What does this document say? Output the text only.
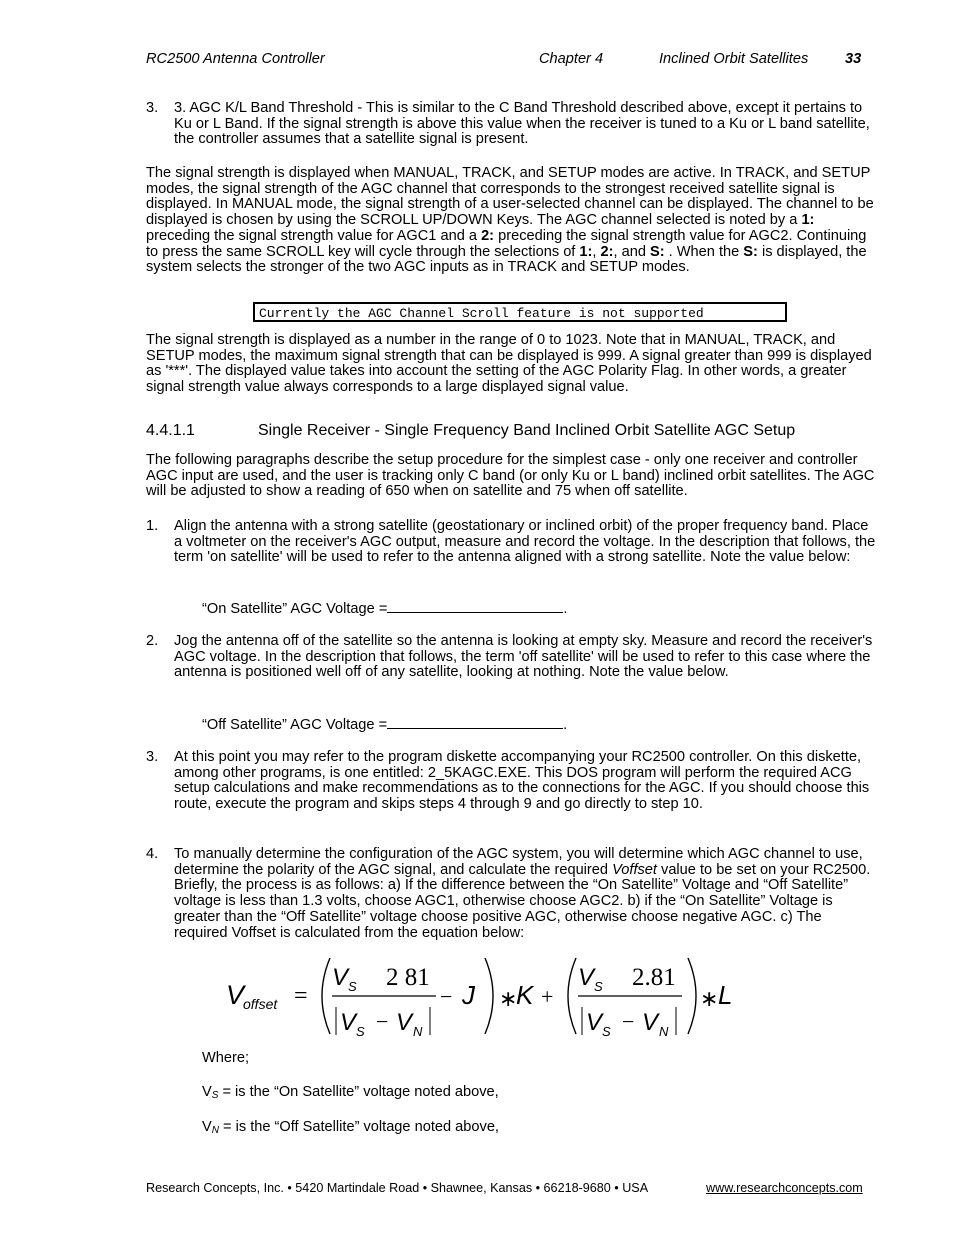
RC2500 Antenna Controller	Chapter 4	Inclined Orbit Satellites	33
3. 3. AGC K/L Band Threshold - This is similar to the C Band Threshold described above, except it pertains to Ku or L Band. If the signal strength is above this value when the receiver is tuned to a Ku or L band satellite, the controller assumes that a satellite signal is present.

The signal strength is displayed when MANUAL, TRACK, and SETUP modes are active. In TRACK, and SETUP modes, the signal strength of the AGC channel that corresponds to the strongest received satellite signal is displayed. In MANUAL mode, the signal strength of a user-selected channel can be displayed. The channel to be displayed is chosen by using the SCROLL UP/DOWN Keys. The AGC channel selected is noted by a 1: preceding the signal strength value for AGC1 and a 2: preceding the signal strength value for AGC2. Continuing to press the same SCROLL key will cycle through the selections of 1:, 2:, and S: . When the S: is displayed, the system selects the stronger of the two AGC inputs as in TRACK and SETUP modes.

Currently the AGC Channel Scroll feature is not supported

The signal strength is displayed as a number in the range of 0 to 1023. Note that in MANUAL, TRACK, and SETUP modes, the maximum signal strength that can be displayed is 999. A signal greater than 999 is displayed as '***'. The displayed value takes into account the setting of the AGC Polarity Flag. In other words, a greater signal strength value always corresponds to a large displayed signal value.

4.4.1.1	Single Receiver - Single Frequency Band Inclined Orbit Satellite AGC Setup

The following paragraphs describe the setup procedure for the simplest case - only one receiver and controller AGC input are used, and the user is tracking only C band (or only Ku or L band) inclined orbit satellites. The AGC will be adjusted to show a reading of 650 when on satellite and 75 when off satellite.

1. Align the antenna with a strong satellite (geostationary or inclined orbit) of the proper frequency band. Place a voltmeter on the receiver's AGC output, measure and record the voltage. In the description that follows, the term 'on satellite' will be used to refer to the antenna aligned with a strong satellite. Note the value below:
“On Satellite” AGC Voltage =	.
2. Jog the antenna off of the satellite so the antenna is looking at empty sky. Measure and record the receiver's AGC voltage. In the description that follows, the term 'off satellite' will be used to refer to this case where the antenna is positioned well off of any satellite, looking at nothing. Note the value below.
“Off Satellite” AGC Voltage =	.
3. At this point you may refer to the program diskette accompanying your RC2500 controller. On this diskette, among other programs, is one entitled: 2_5KAGC.EXE. This DOS program will perform the required ACG setup calculations and make recommendations as to the connections for the AGC. If you should choose this route, execute the program and skips steps 4 through 9 and go directly to step 10.
4. To manually determine the configuration of the AGC system, you will determine which AGC channel to use, determine the polarity of the AGC signal, and calculate the required Voffset value to be set on your RC2500. Briefly, the process is as follows: a) If the difference between the “On Satellite” Voltage and “Off Satellite” voltage is less than 1.3 volts, choose AGC1, otherwise choose AGC2. b) if the “On Satellite” Voltage is greater than the “Off Satellite” voltage choose positive AGC, otherwise choose negative AGC. c) The required Voffset is calculated from the equation below:
V
offset =
V S 2 81
V S − V N
− J ∗
K +
V S 2.81
V S − V N
∗ L
Where;
$V_S$ = is the “On Satellite” voltage noted above,
$V_N$ = is the “Off Satellite” voltage noted above,
Research Concepts, Inc. • 5420 Martindale Road • Shawnee, Kansas • 66218-9680 • USA	www.researchconcepts.com
